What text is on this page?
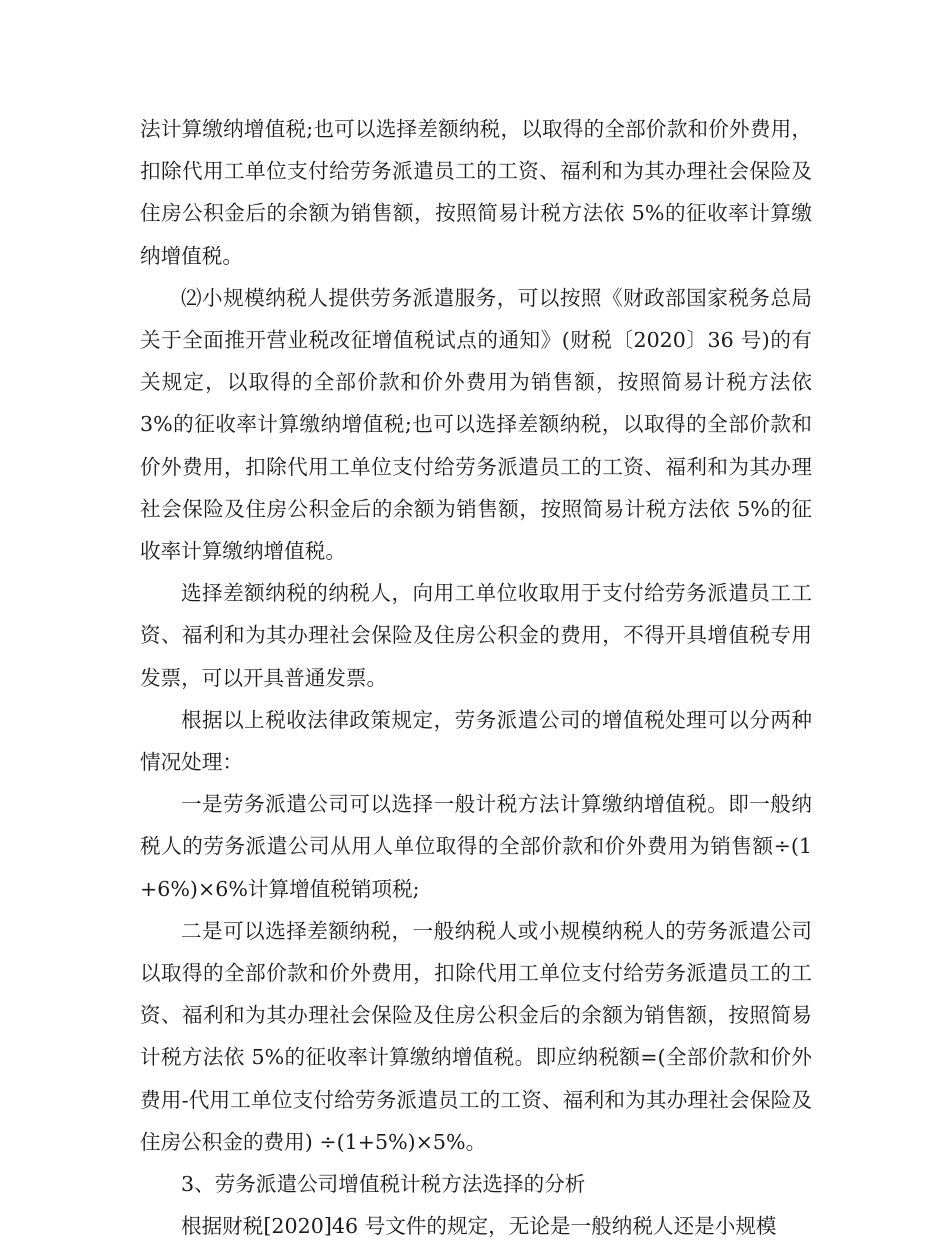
法计算缴纳增值税;也可以选择差额纳税，以取得的全部价款和价外费用，扣除代用工单位支付给劳务派遣员工的工资、福利和为其办理社会保险及住房公积金后的余额为销售额，按照简易计税方法依 5%的征收率计算缴纳增值税。

⑵小规模纳税人提供劳务派遣服务，可以按照《财政部国家税务总局关于全面推开营业税改征增值税试点的通知》(财税〔2020〕36 号)的有关规定，以取得的全部价款和价外费用为销售额，按照简易计税方法依 3%的征收率计算缴纳增值税;也可以选择差额纳税，以取得的全部价款和价外费用，扣除代用工单位支付给劳务派遣员工的工资、福利和为其办理社会保险及住房公积金后的余额为销售额，按照简易计税方法依 5%的征收率计算缴纳增值税。

选择差额纳税的纳税人，向用工单位收取用于支付给劳务派遣员工工资、福利和为其办理社会保险及住房公积金的费用，不得开具增值税专用发票，可以开具普通发票。

根据以上税收法律政策规定，劳务派遣公司的增值税处理可以分两种情况处理：

一是劳务派遣公司可以选择一般计税方法计算缴纳增值税。即一般纳税人的劳务派遣公司从用人单位取得的全部价款和价外费用为销售额÷(1+6%)×6%计算增值税销项税;

二是可以选择差额纳税，一般纳税人或小规模纳税人的劳务派遣公司以取得的全部价款和价外费用，扣除代用工单位支付给劳务派遣员工的工资、福利和为其办理社会保险及住房公积金后的余额为销售额，按照简易计税方法依 5%的征收率计算缴纳增值税。即应纳税额=(全部价款和价外费用-代用工单位支付给劳务派遣员工的工资、福利和为其办理社会保险及住房公积金的费用) ÷(1+5%)×5%。

3、劳务派遣公司增值税计税方法选择的分析

根据财税[2020]46 号文件的规定，无论是一般纳税人还是小规模
